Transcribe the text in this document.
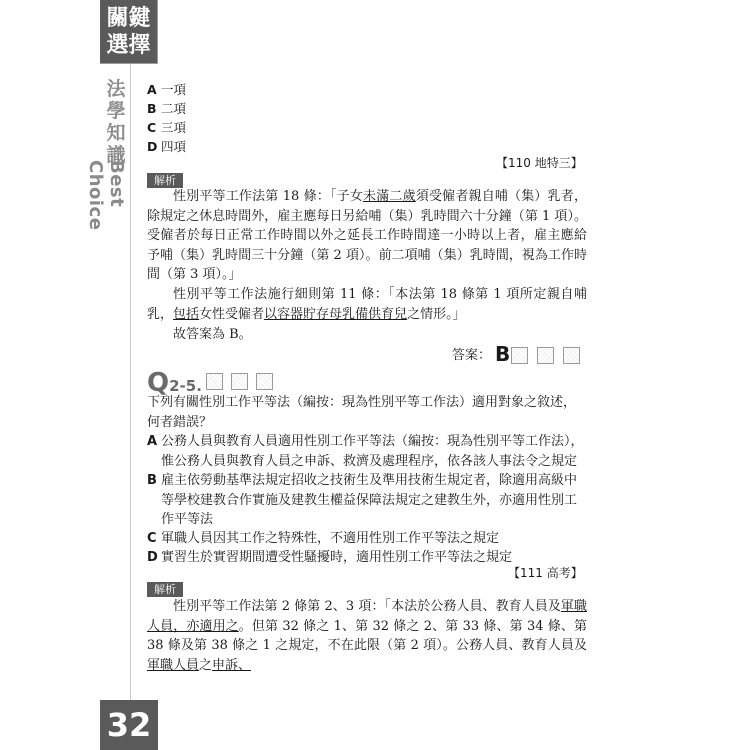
關鍵選擇
法學知識
Best Choice
32
A 一項
B 二項
C 三項
D 四項
【110 地特三】
解析
性別平等工作法第 18 條：「子女未滿二歲須受僱者親自哺（集）乳者，除規定之休息時間外，雇主應每日另給哺（集）乳時間六十分鐘（第 1 項）。受僱者於每日正常工作時間以外之延長工作時間達一小時以上者，雇主應給予哺（集）乳時間三十分鐘（第 2 項）。前二項哺（集）乳時間，視為工作時間（第 3 項）。」
性別平等工作法施行細則第 11 條：「本法第 18 條第 1 項所定親自哺乳，包括女性受僱者以容器貯存母乳備供育兒之情形。」
故答案為 B。
答案： B
Q2-5.
下列有關性別工作平等法（編按：現為性別平等工作法）適用對象之敘述，何者錯誤？
A 公務人員與教育人員適用性別工作平等法（編按：現為性別平等工作法），惟公務人員與教育人員之申訴、救濟及處理程序，依各該人事法令之規定
B 雇主依勞動基準法規定招收之技術生及準用技術生規定者，除適用高級中等學校建教合作實施及建教生權益保障法規定之建教生外，亦適用性別工作平等法
C 軍職人員因其工作之特殊性，不適用性別工作平等法之規定
D 實習生於實習期間遭受性騷擾時，適用性別工作平等法之規定
【111 高考】
解析
性別平等工作法第 2 條第 2、3 項：「本法於公務人員、教育人員及軍職人員，亦適用之。但第 32 條之 1、第 32 條之 2、第 33 條、第 34 條、第 38 條及第 38 條之 1 之規定，不在此限（第 2 項）。公務人員、教育人員及軍職人員之申訴、
